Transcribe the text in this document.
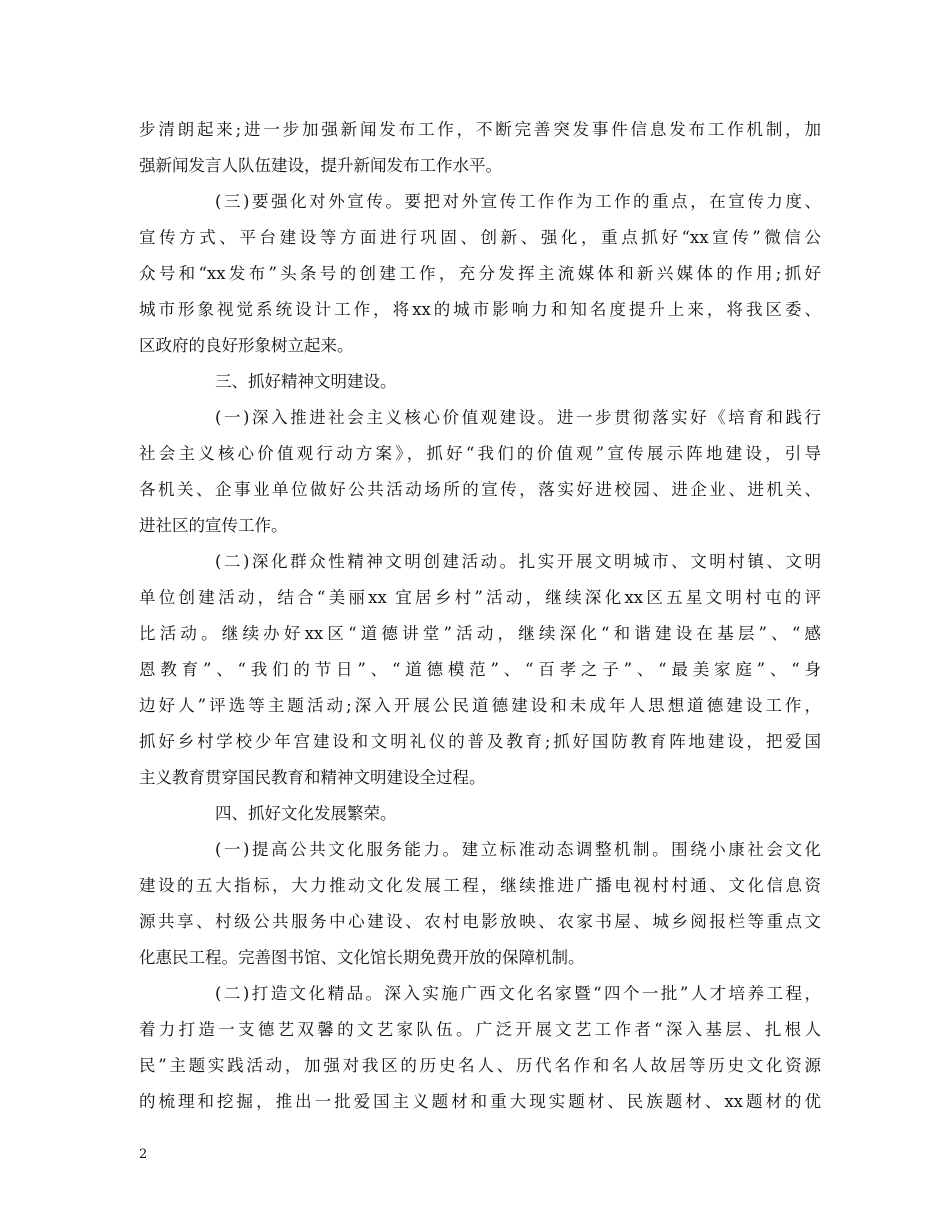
步清朗起来;进一步加强新闻发布工作，不断完善突发事件信息发布工作机制，加
强新闻发言人队伍建设，提升新闻发布工作水平。
(三)要强化对外宣传。要把对外宣传工作作为工作的重点，在宣传力度、
宣传方式、平台建设等方面进行巩固、创新、强化，重点抓好“xx宣传”微信公
众号和“xx发布”头条号的创建工作，充分发挥主流媒体和新兴媒体的作用;抓好
城市形象视觉系统设计工作，将xx的城市影响力和知名度提升上来，将我区委、
区政府的良好形象树立起来。
三、抓好精神文明建设。
(一)深入推进社会主义核心价值观建设。进一步贯彻落实好《培育和践行
社会主义核心价值观行动方案》，抓好“我们的价值观”宣传展示阵地建设，引导
各机关、企事业单位做好公共活动场所的宣传，落实好进校园、进企业、进机关、
进社区的宣传工作。
(二)深化群众性精神文明创建活动。扎实开展文明城市、文明村镇、文明
单位创建活动，结合“美丽xx 宜居乡村”活动，继续深化xx区五星文明村屯的评
比活动。继续办好xx区“道德讲堂”活动，继续深化“和谐建设在基层”、“感
恩教育”、“我们的节日”、“道德模范”、“百孝之子”、“最美家庭”、“身
边好人”评选等主题活动;深入开展公民道德建设和未成年人思想道德建设工作，
抓好乡村学校少年宫建设和文明礼仪的普及教育;抓好国防教育阵地建设，把爱国
主义教育贯穿国民教育和精神文明建设全过程。
四、抓好文化发展繁荣。
(一)提高公共文化服务能力。建立标准动态调整机制。围绕小康社会文化
建设的五大指标，大力推动文化发展工程，继续推进广播电视村村通、文化信息资
源共享、村级公共服务中心建设、农村电影放映、农家书屋、城乡阅报栏等重点文
化惠民工程。完善图书馆、文化馆长期免费开放的保障机制。
(二)打造文化精品。深入实施广西文化名家暨“四个一批”人才培养工程，
着力打造一支德艺双馨的文艺家队伍。广泛开展文艺工作者“深入基层、扎根人
民”主题实践活动，加强对我区的历史名人、历代名作和名人故居等历史文化资源
的梳理和挖掘，推出一批爱国主义题材和重大现实题材、民族题材、xx题材的优
2
